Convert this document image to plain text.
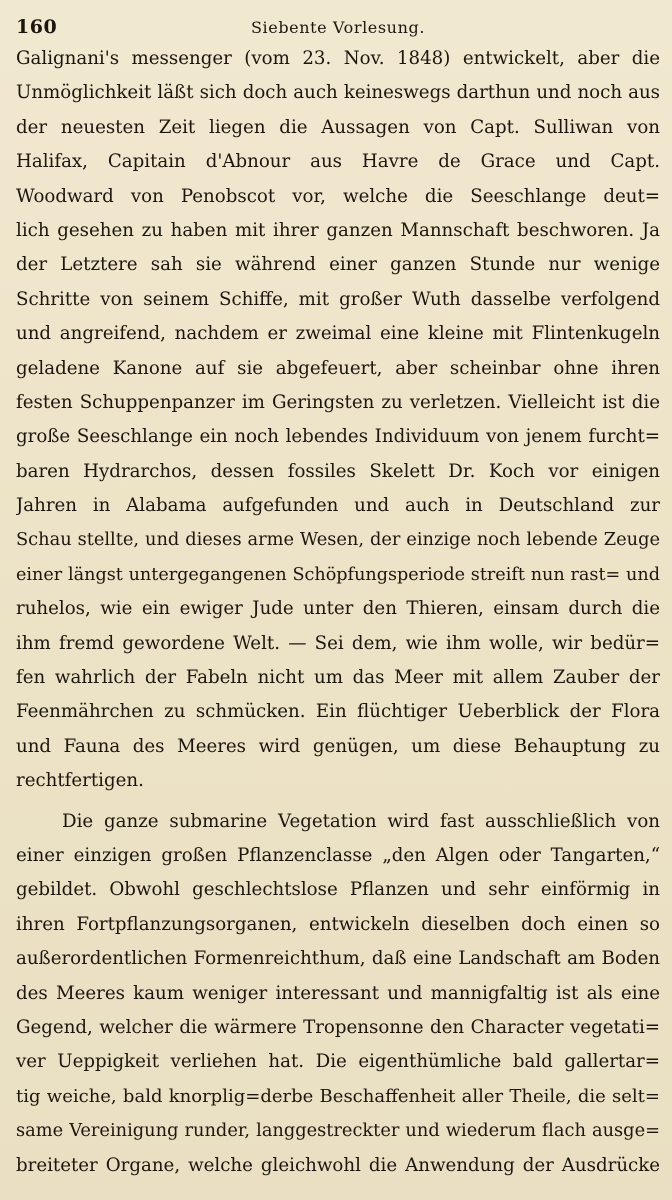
160	Siebente Vorlesung.
Galignani's messenger (vom 23. Nov. 1848) entwickelt, aber die
Unmöglichkeit läßt sich doch auch keineswegs darthun und noch aus
der neuesten Zeit liegen die Aussagen von Capt. Sulliwan von
Halifax, Capitain d'Abnour aus Havre de Grace und Capt.
Woodward von Penobscot vor, welche die Seeschlange deut=
lich gesehen zu haben mit ihrer ganzen Mannschaft beschworen. Ja
der Letztere sah sie während einer ganzen Stunde nur wenige
Schritte von seinem Schiffe, mit großer Wuth dasselbe verfolgend
und angreifend, nachdem er zweimal eine kleine mit Flintenkugeln
geladene Kanone auf sie abgefeuert, aber scheinbar ohne ihren
festen Schuppenpanzer im Geringsten zu verletzen. Vielleicht ist die
große Seeschlange ein noch lebendes Individuum von jenem furcht=
baren Hydrarchos, dessen fossiles Skelett Dr. Koch vor einigen
Jahren in Alabama aufgefunden und auch in Deutschland zur
Schau stellte, und dieses arme Wesen, der einzige noch lebende Zeuge
einer längst untergegangenen Schöpfungsperiode streift nun rast= und
ruhelos, wie ein ewiger Jude unter den Thieren, einsam durch die
ihm fremd gewordene Welt. — Sei dem, wie ihm wolle, wir bedür=
fen wahrlich der Fabeln nicht um das Meer mit allem Zauber der
Feenmährchen zu schmücken. Ein flüchtiger Ueberblick der Flora
und Fauna des Meeres wird genügen, um diese Behauptung zu
rechtfertigen.
Die ganze submarine Vegetation wird fast ausschließlich von
einer einzigen großen Pflanzenclasse „den Algen oder Tangarten,“
gebildet. Obwohl geschlechtslose Pflanzen und sehr einförmig in
ihren Fortpflanzungsorganen, entwickeln dieselben doch einen so
außerordentlichen Formenreichthum, daß eine Landschaft am Boden
des Meeres kaum weniger interessant und mannigfaltig ist als eine
Gegend, welcher die wärmere Tropensonne den Character vegetati=
ver Ueppigkeit verliehen hat. Die eigenthümliche bald gallertar=
tig weiche, bald knorplig=derbe Beschaffenheit aller Theile, die selt=
same Vereinigung runder, langgestreckter und wiederum flach ausge=
breiteter Organe, welche gleichwohl die Anwendung der Ausdrücke
